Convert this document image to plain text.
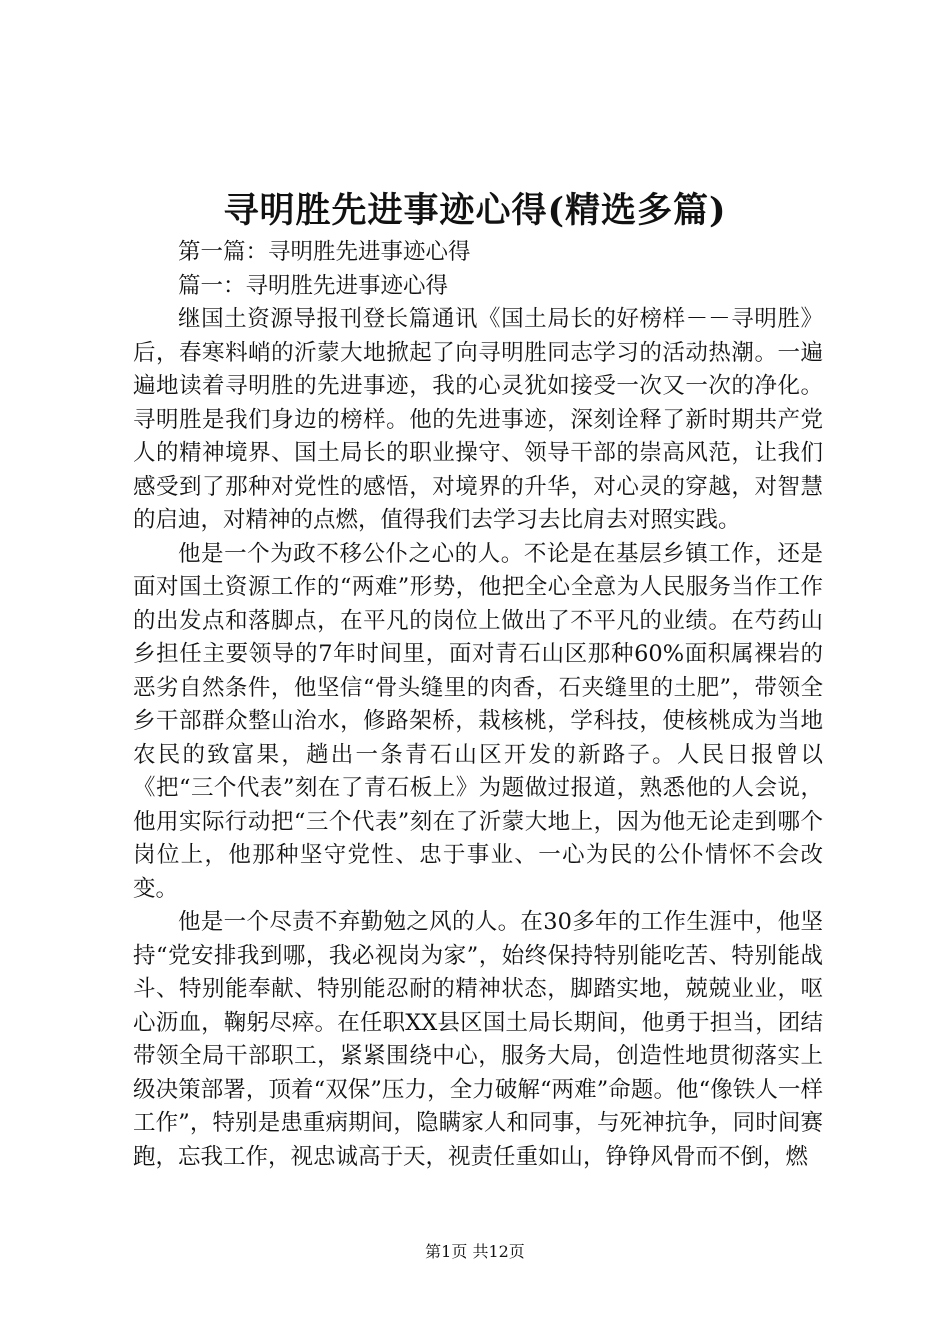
寻明胜先进事迹心得(精选多篇)

第一篇：寻明胜先进事迹心得

篇一：寻明胜先进事迹心得

继国土资源导报刊登长篇通讯《国土局长的好榜样－－寻明胜》后，春寒料峭的沂蒙大地掀起了向寻明胜同志学习的活动热潮。一遍遍地读着寻明胜的先进事迹，我的心灵犹如接受一次又一次的净化。寻明胜是我们身边的榜样。他的先进事迹，深刻诠释了新时期共产党人的精神境界、国土局长的职业操守、领导干部的崇高风范，让我们感受到了那种对党性的感悟，对境界的升华，对心灵的穿越，对智慧的启迪，对精神的点燃，值得我们去学习去比肩去对照实践。

他是一个为政不移公仆之心的人。不论是在基层乡镇工作，还是面对国土资源工作的“两难”形势，他把全心全意为人民服务当作工作的出发点和落脚点，在平凡的岗位上做出了不平凡的业绩。在芍药山乡担任主要领导的7年时间里，面对青石山区那种60%面积属裸岩的恶劣自然条件，他坚信“骨头缝里的肉香，石夹缝里的土肥”，带领全乡干部群众整山治水，修路架桥，栽核桃，学科技，使核桃成为当地农民的致富果，趟出一条青石山区开发的新路子。人民日报曾以《把“三个代表”刻在了青石板上》为题做过报道，熟悉他的人会说，他用实际行动把“三个代表”刻在了沂蒙大地上，因为他无论走到哪个岗位上，他那种坚守党性、忠于事业、一心为民的公仆情怀不会改变。

他是一个尽责不弃勤勉之风的人。在30多年的工作生涯中，他坚持“党安排我到哪，我必视岗为家”，始终保持特别能吃苦、特别能战斗、特别能奉献、特别能忍耐的精神状态，脚踏实地，兢兢业业，呕心沥血，鞠躬尽瘁。在任职XX县区国土局长期间，他勇于担当，团结带领全局干部职工，紧紧围绕中心，服务大局，创造性地贯彻落实上级决策部署，顶着“双保”压力，全力破解“两难”命题。他“像铁人一样工作”，特别是患重病期间，隐瞒家人和同事，与死神抗争，同时间赛跑，忘我工作，视忠诚高于天，视责任重如山，铮铮风骨而不倒，燃

第1页 共12页
